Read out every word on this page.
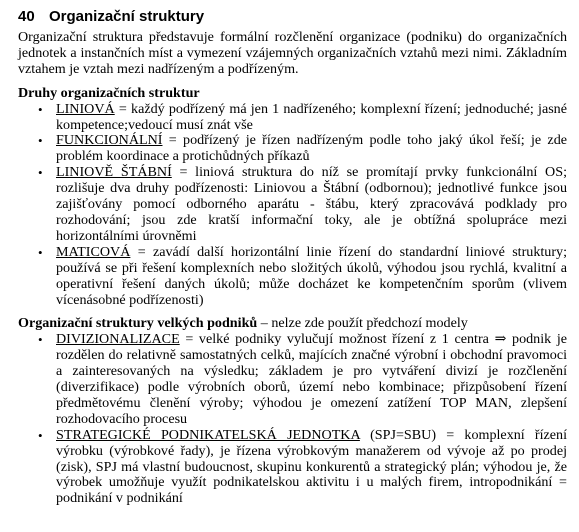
40 Organizační struktury

Organizační struktura představuje formální rozčlenění organizace (podniku) do organizačních jednotek a instančních míst a vymezení vzájemných organizačních vztahů mezi nimi. Základním vztahem je vztah mezi nadřízeným a podřízeným.

Druhy organizačních struktur
• LINIOVÁ = každý podřízený má jen 1 nadřízeného; komplexní řízení; jednoduché; jasné kompetence;vedoucí musí znát vše
• FUNKCIONÁLNÍ = podřízený je řízen nadřízeným podle toho jaký úkol řeší; je zde problém koordinace a protichůdných příkazů
• LINIOVĚ ŠTÁBNÍ = liniová struktura do níž se promítají prvky funkcionální OS; rozlišuje dva druhy podřízenosti: Liniovou a Štábní (odbornou); jednotlivé funkce jsou zajišťovány pomocí odborného aparátu - štábu, který zpracovává podklady pro rozhodování; jsou zde kratší informační toky, ale je obtížná spolupráce mezi horizontálními úrovněmi
• MATICOVÁ = zavádí další horizontální linie řízení do standardní liniové struktury; používá se při řešení komplexních nebo složitých úkolů, výhodou jsou rychlá, kvalitní a operativní řešení daných úkolů; může docházet ke kompetenčním sporům (vlivem vícenásobné podřízenosti)
Organizační struktury velkých podniků – nelze zde použít předchozí modely
• DIVIZIONALIZACE = velké podniky vylučují možnost řízení z 1 centra ⇒ podnik je rozdělen do relativně samostatných celků, majících značné výrobní i obchodní pravomoci a zainteresovaných na výsledku; základem je pro vytváření divizí je rozčlenění (diverzifikace) podle výrobních oborů, území nebo kombinace; přizpůsobení řízení předmětovému členění výroby; výhodou je omezení zatížení TOP MAN, zlepšení rozhodovacího procesu
• STRATEGICKÉ PODNIKATELSKÁ JEDNOTKA (SPJ=SBU) = komplexní řízení výrobku (výrobkové řady), je řízena výrobkovým manažerem od vývoje až po prodej (zisk), SPJ má vlastní budoucnost, skupinu konkurentů a strategický plán; výhodou je, že výrobek umožňuje využít podnikatelskou aktivitu i u malých firem, intropodnikání = podnikání v podnikání
